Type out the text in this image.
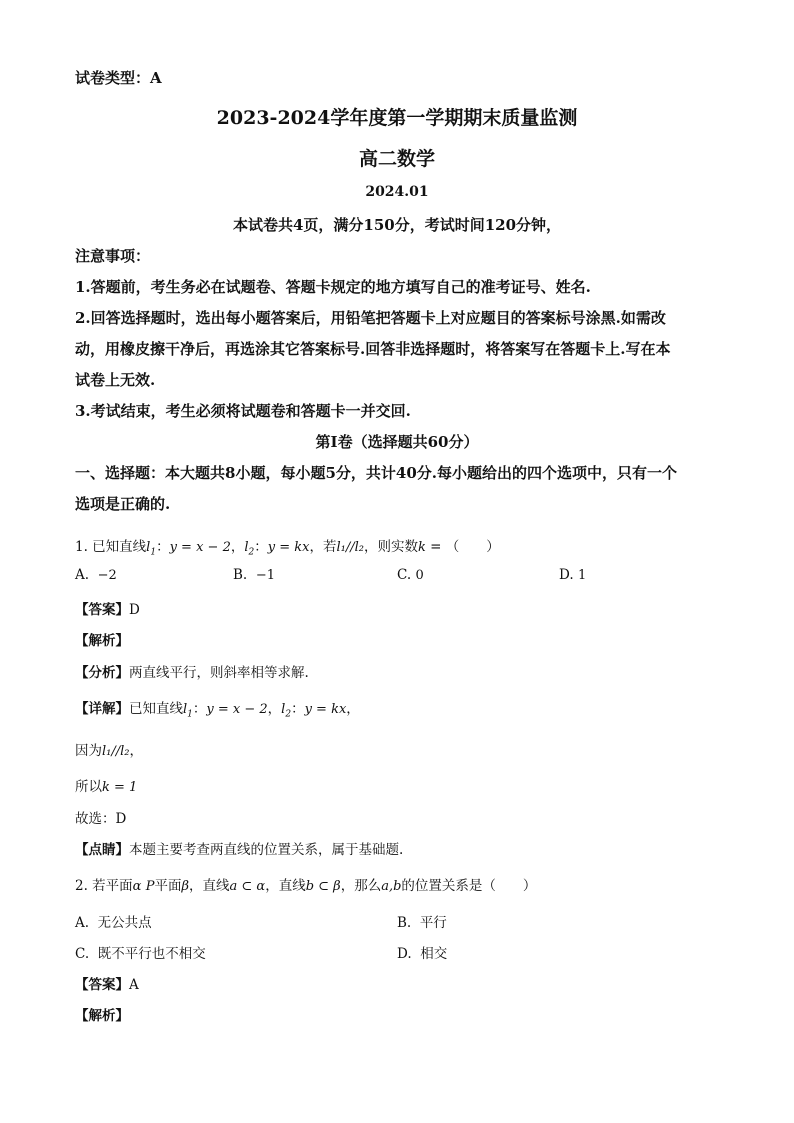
试卷类型：A
2023-2024学年度第一学期期末质量监测
高二数学
2024.01
本试卷共4页，满分150分，考试时间120分钟，
注意事项：
1.答题前，考生务必在试题卷、答题卡规定的地方填写自己的准考证号、姓名.
2.回答选择题时，选出每小题答案后，用铅笔把答题卡上对应题目的答案标号涂黑.如需改
动，用橡皮擦干净后，再选涂其它答案标号.回答非选择题时，将答案写在答题卡上.写在本
试卷上无效.
3.考试结束，考生必须将试题卷和答题卡一并交回.
第Ⅰ卷（选择题共60分）
一、选择题：本大题共8小题，每小题5分，共计40分.每小题给出的四个选项中，只有一个
选项是正确的.
1. 已知直线$l_1$：y = x − 2，$l_2$：y = kx，若l₁//l₂，则实数k = （　　）
A. −2	B. −1	C. 0	D. 1
【答案】D
【解析】
【分析】两直线平行，则斜率相等求解.
【详解】已知直线$l_1$：y = x − 2，$l_2$：y = kx，
因为l₁//l₂，
所以k = 1
故选：D
【点睛】本题主要考查两直线的位置关系，属于基础题.
2. 若平面α P平面β，直线a ⊂ α，直线b ⊂ β，那么a,b的位置关系是（　　）
A. 无公共点	B. 平行
C. 既不平行也不相交	D. 相交
【答案】A
【解析】
